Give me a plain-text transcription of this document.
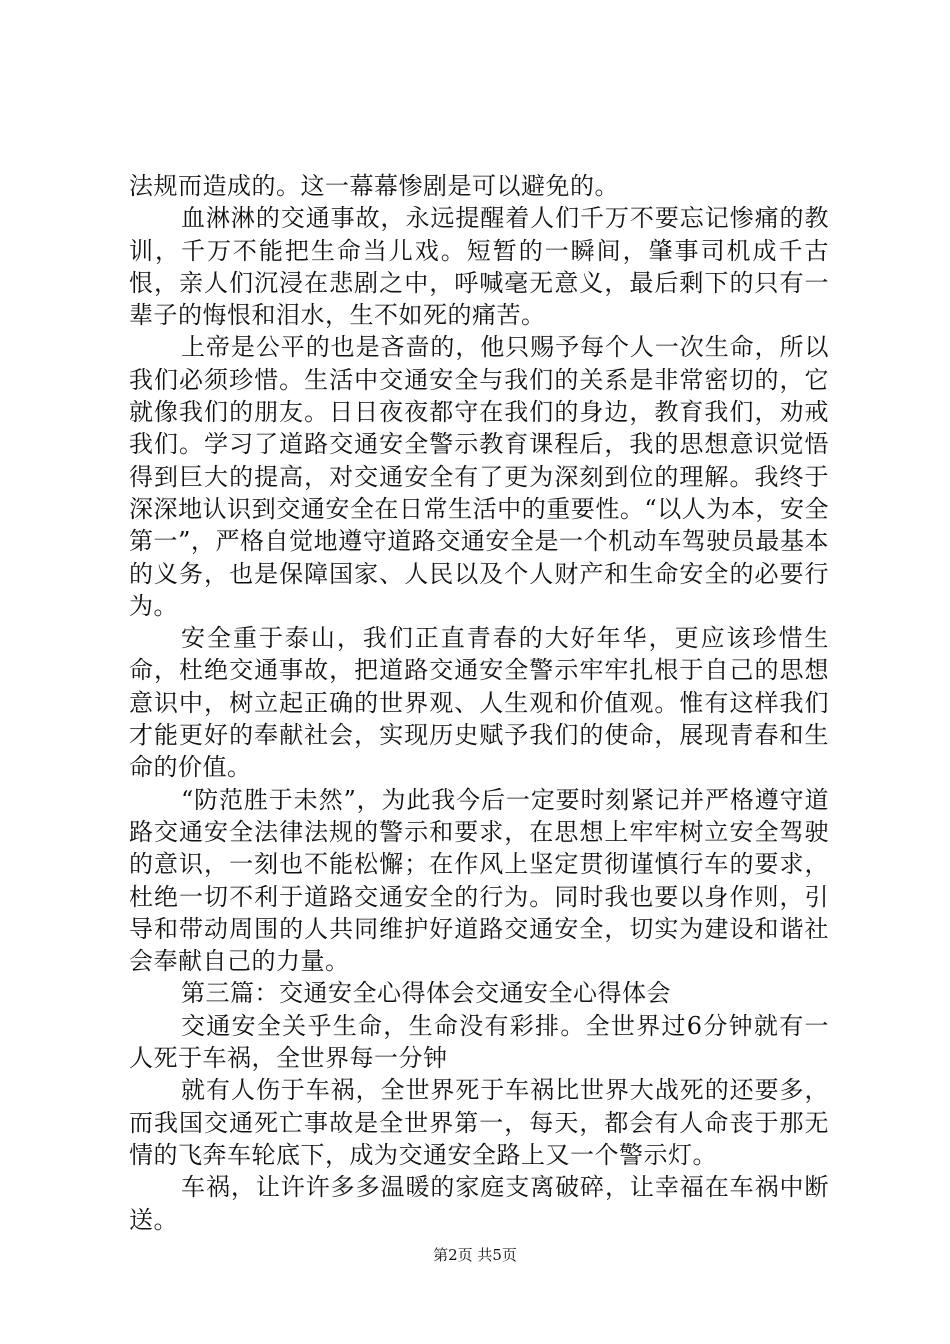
法规而造成的。这一幕幕惨剧是可以避免的。

血淋淋的交通事故，永远提醒着人们千万不要忘记惨痛的教训，千万不能把生命当儿戏。短暂的一瞬间，肇事司机成千古恨，亲人们沉浸在悲剧之中，呼喊毫无意义，最后剩下的只有一辈子的悔恨和泪水，生不如死的痛苦。

上帝是公平的也是吝啬的，他只赐予每个人一次生命，所以我们必须珍惜。生活中交通安全与我们的关系是非常密切的，它就像我们的朋友。日日夜夜都守在我们的身边，教育我们，劝戒我们。学习了道路交通安全警示教育课程后，我的思想意识觉悟得到巨大的提高，对交通安全有了更为深刻到位的理解。我终于深深地认识到交通安全在日常生活中的重要性。“以人为本，安全第一”，严格自觉地遵守道路交通安全是一个机动车驾驶员最基本的义务，也是保障国家、人民以及个人财产和生命安全的必要行为。

安全重于泰山，我们正直青春的大好年华，更应该珍惜生命，杜绝交通事故，把道路交通安全警示牢牢扎根于自己的思想意识中，树立起正确的世界观、人生观和价值观。惟有这样我们才能更好的奉献社会，实现历史赋予我们的使命，展现青春和生命的价值。

“防范胜于未然”，为此我今后一定要时刻紧记并严格遵守道路交通安全法律法规的警示和要求，在思想上牢牢树立安全驾驶的意识，一刻也不能松懈；在作风上坚定贯彻谨慎行车的要求，杜绝一切不利于道路交通安全的行为。同时我也要以身作则，引导和带动周围的人共同维护好道路交通安全，切实为建设和谐社会奉献自己的力量。

第三篇：交通安全心得体会交通安全心得体会

交通安全关乎生命，生命没有彩排。全世界过6分钟就有一人死于车祸，全世界每一分钟

就有人伤于车祸，全世界死于车祸比世界大战死的还要多，而我国交通死亡事故是全世界第一，每天，都会有人命丧于那无情的飞奔车轮底下，成为交通安全路上又一个警示灯。

车祸，让许许多多温暖的家庭支离破碎，让幸福在车祸中断送。

第2页 共5页
